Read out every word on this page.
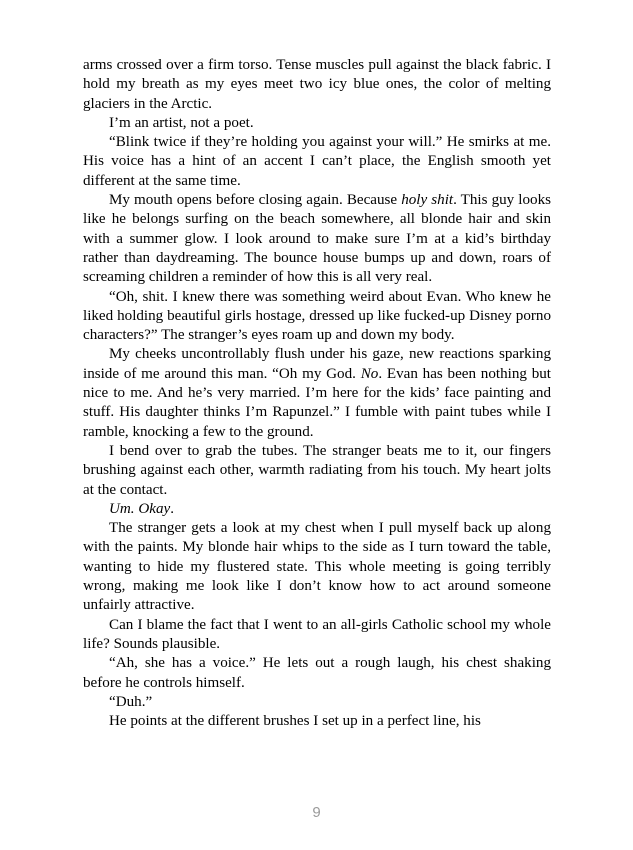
arms crossed over a firm torso. Tense muscles pull against the black fabric. I hold my breath as my eyes meet two icy blue ones, the color of melting glaciers in the Arctic.

I’m an artist, not a poet.

“Blink twice if they’re holding you against your will.” He smirks at me. His voice has a hint of an accent I can’t place, the English smooth yet different at the same time.

My mouth opens before closing again. Because holy shit. This guy looks like he belongs surfing on the beach somewhere, all blonde hair and skin with a summer glow. I look around to make sure I’m at a kid’s birthday rather than daydreaming. The bounce house bumps up and down, roars of screaming children a reminder of how this is all very real.

“Oh, shit. I knew there was something weird about Evan. Who knew he liked holding beautiful girls hostage, dressed up like fucked-up Disney porno characters?” The stranger’s eyes roam up and down my body.

My cheeks uncontrollably flush under his gaze, new reactions sparking inside of me around this man. “Oh my God. No. Evan has been nothing but nice to me. And he’s very married. I’m here for the kids’ face painting and stuff. His daughter thinks I’m Rapunzel.” I fumble with paint tubes while I ramble, knocking a few to the ground.

I bend over to grab the tubes. The stranger beats me to it, our fingers brushing against each other, warmth radiating from his touch. My heart jolts at the contact.

Um. Okay.

The stranger gets a look at my chest when I pull myself back up along with the paints. My blonde hair whips to the side as I turn toward the table, wanting to hide my flustered state. This whole meeting is going terribly wrong, making me look like I don’t know how to act around someone unfairly attractive.

Can I blame the fact that I went to an all-girls Catholic school my whole life? Sounds plausible.

“Ah, she has a voice.” He lets out a rough laugh, his chest shaking before he controls himself.

“Duh.”

He points at the different brushes I set up in a perfect line, his

9
